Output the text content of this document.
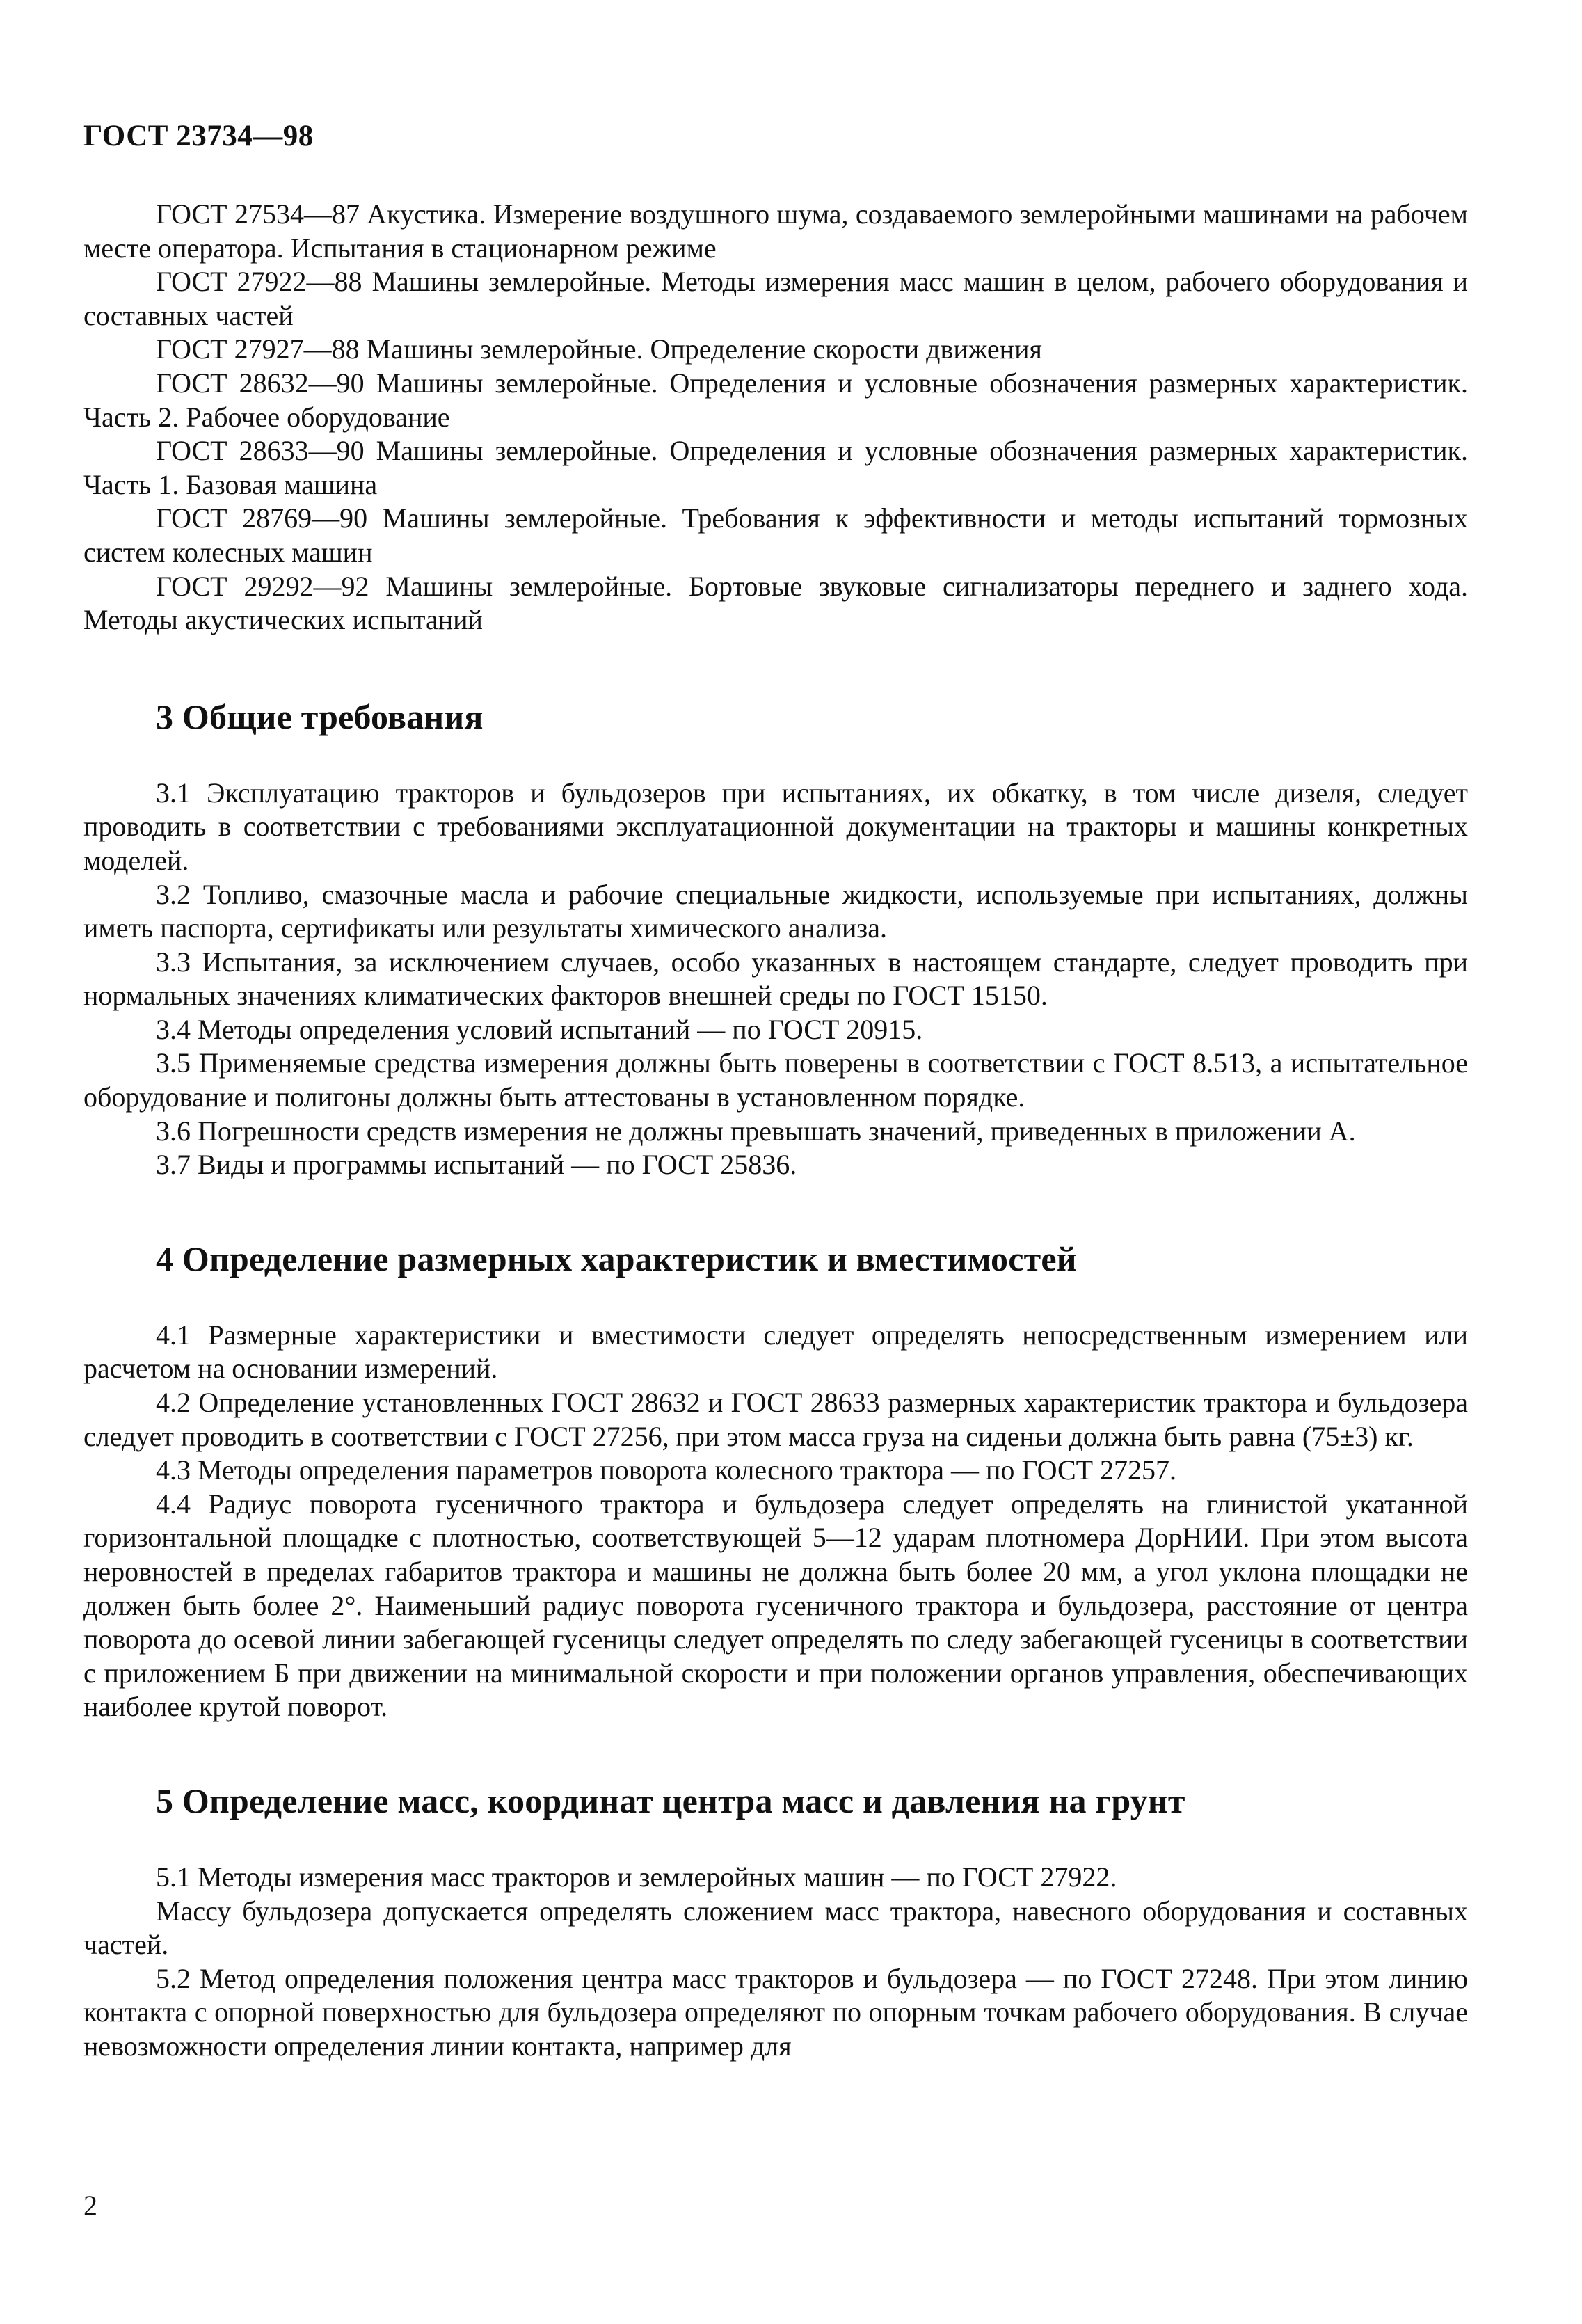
ГОСТ 23734—98

ГОСТ 27534—87 Акустика. Измерение воздушного шума, создаваемого землеройными машинами на рабочем месте оператора. Испытания в стационарном режиме

ГОСТ 27922—88 Машины землеройные. Методы измерения масс машин в целом, рабочего оборудования и составных частей

ГОСТ 27927—88 Машины землеройные. Определение скорости движения

ГОСТ 28632—90 Машины землеройные. Определения и условные обозначения размерных характеристик. Часть 2. Рабочее оборудование

ГОСТ 28633—90 Машины землеройные. Определения и условные обозначения размерных характеристик. Часть 1. Базовая машина

ГОСТ 28769—90 Машины землеройные. Требования к эффективности и методы испытаний тормозных систем колесных машин

ГОСТ 29292—92 Машины землеройные. Бортовые звуковые сигнализаторы переднего и заднего хода. Методы акустических испытаний

3 Общие требования

3.1 Эксплуатацию тракторов и бульдозеров при испытаниях, их обкатку, в том числе дизеля, следует проводить в соответствии с требованиями эксплуатационной документации на тракторы и машины конкретных моделей.

3.2 Топливо, смазочные масла и рабочие специальные жидкости, используемые при испытаниях, должны иметь паспорта, сертификаты или результаты химического анализа.

3.3 Испытания, за исключением случаев, особо указанных в настоящем стандарте, следует проводить при нормальных значениях климатических факторов внешней среды по ГОСТ 15150.

3.4 Методы определения условий испытаний — по ГОСТ 20915.

3.5 Применяемые средства измерения должны быть поверены в соответствии с ГОСТ 8.513, а испытательное оборудование и полигоны должны быть аттестованы в установленном порядке.

3.6 Погрешности средств измерения не должны превышать значений, приведенных в приложении А.

3.7 Виды и программы испытаний — по ГОСТ 25836.

4 Определение размерных характеристик и вместимостей

4.1 Размерные характеристики и вместимости следует определять непосредственным измерением или расчетом на основании измерений.

4.2 Определение установленных ГОСТ 28632 и ГОСТ 28633 размерных характеристик трактора и бульдозера следует проводить в соответствии с ГОСТ 27256, при этом масса груза на сиденьи должна быть равна (75±3) кг.

4.3 Методы определения параметров поворота колесного трактора — по ГОСТ 27257.

4.4 Радиус поворота гусеничного трактора и бульдозера следует определять на глинистой укатанной горизонтальной площадке с плотностью, соответствующей 5—12 ударам плотномера ДорНИИ. При этом высота неровностей в пределах габаритов трактора и машины не должна быть более 20 мм, а угол уклона площадки не должен быть более 2°. Наименьший радиус поворота гусеничного трактора и бульдозера, расстояние от центра поворота до осевой линии забегающей гусеницы следует определять по следу забегающей гусеницы в соответствии с приложением Б при движении на минимальной скорости и при положении органов управления, обеспечивающих наиболее крутой поворот.

5 Определение масс, координат центра масс и давления на грунт

5.1 Методы измерения масс тракторов и землеройных машин — по ГОСТ 27922.

Массу бульдозера допускается определять сложением масс трактора, навесного оборудования и составных частей.

5.2 Метод определения положения центра масс тракторов и бульдозера — по ГОСТ 27248. При этом линию контакта с опорной поверхностью для бульдозера определяют по опорным точкам рабочего оборудования. В случае невозможности определения линии контакта, например для

2
